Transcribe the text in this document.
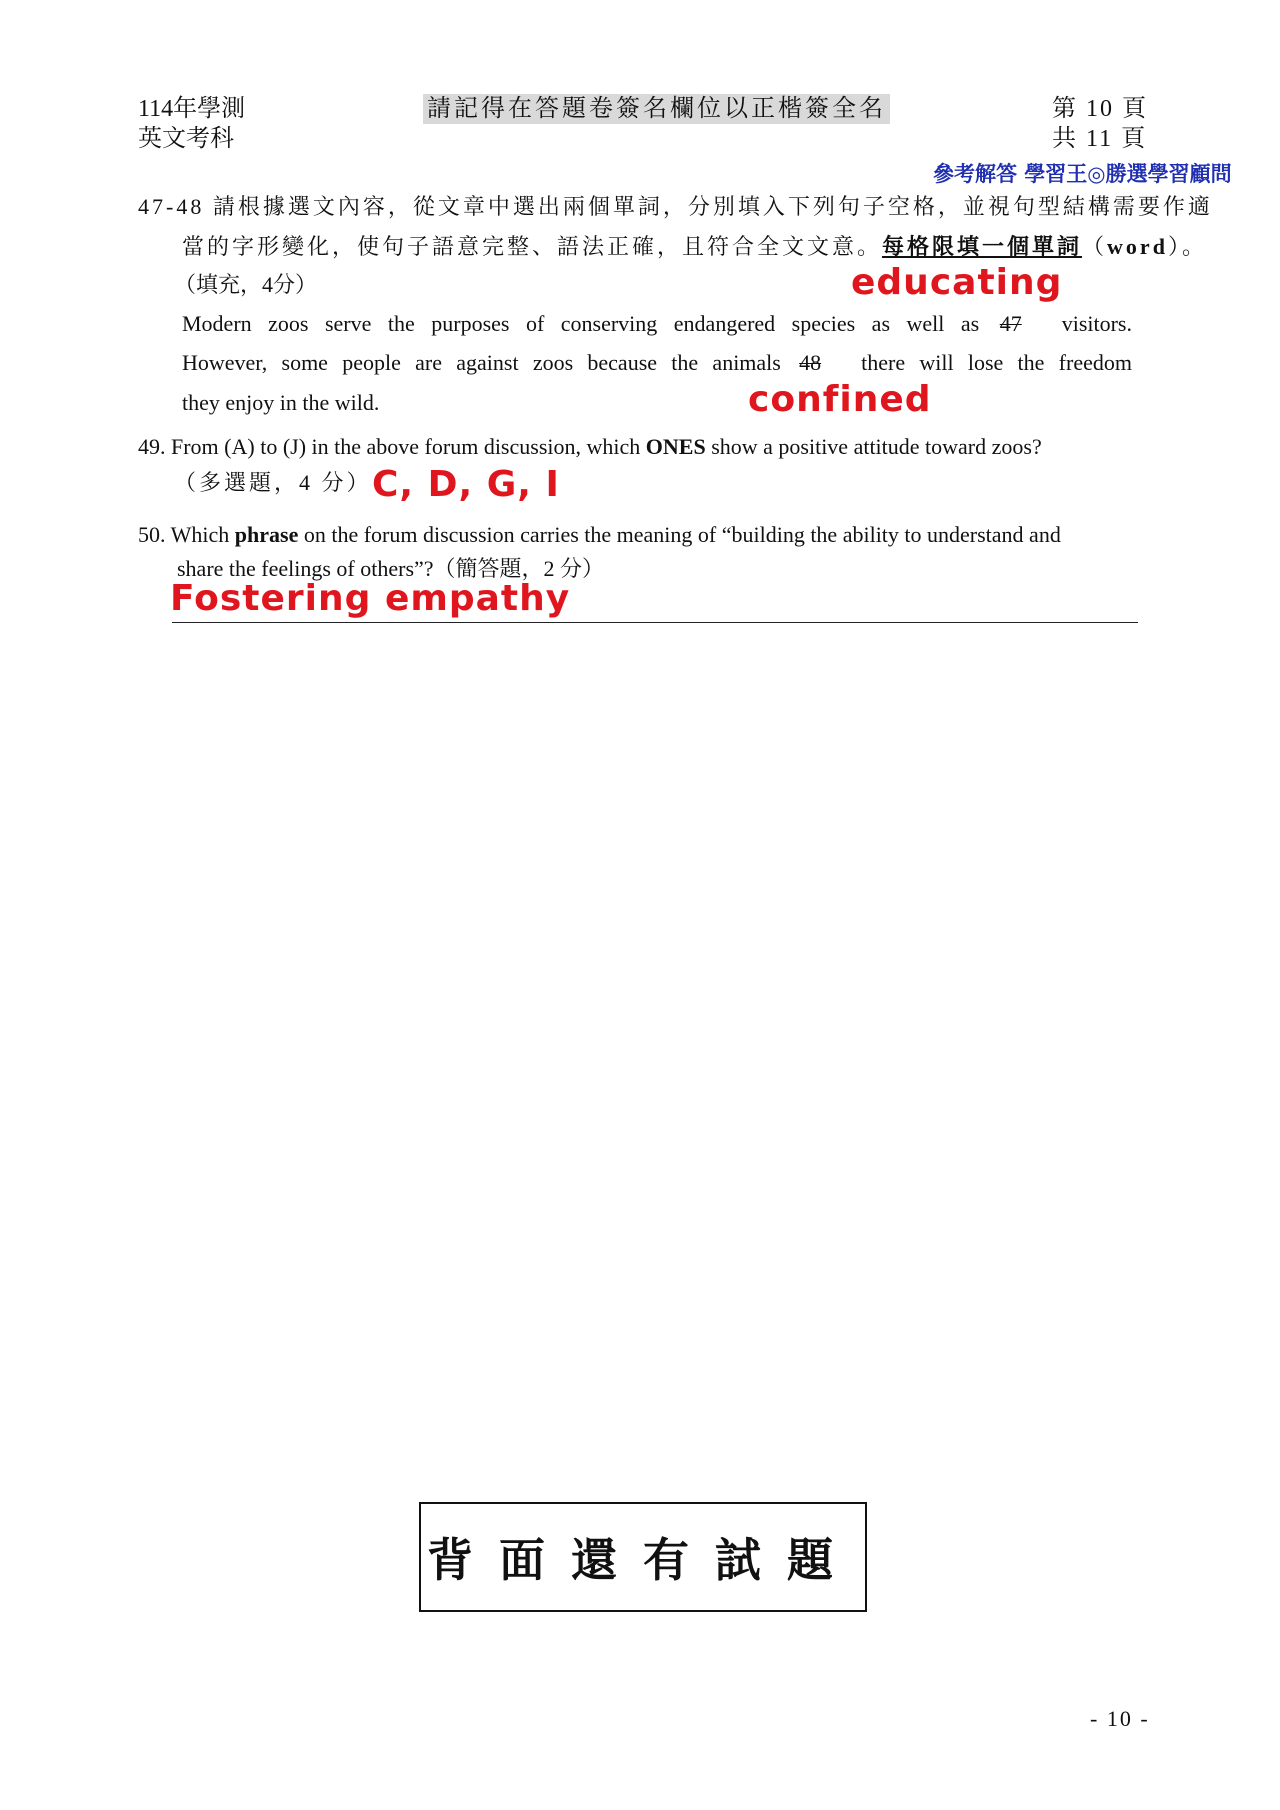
114年學測
英文考科
請記得在答題卷簽名欄位以正楷簽全名	第 10 頁
共 11 頁
參考解答 學習王◎勝選學習顧問
47-48 請根據選文內容，從文章中選出兩個單詞，分別填入下列句子空格，並視句型結構需要作適
當的字形變化，使句子語意完整、語法正確，且符合全文文意。每格限填一個單詞（word）。
（填充，4分）	educating
Modern zoos serve the purposes of conserving endangered species as well as 47 visitors.
However, some people are against zoos because the animals 48 there will lose the freedom
they enjoy in the wild.	confined
49. From (A) to (J) in the above forum discussion, which ONES show a positive attitude toward zoos?
（多選題，4 分） C, D, G, I
50. Which phrase on the forum discussion carries the meaning of “building the ability to understand and
share the feelings of others”?（簡答題，2 分）
Fostering empathy
背面還有試題
- 10 -
